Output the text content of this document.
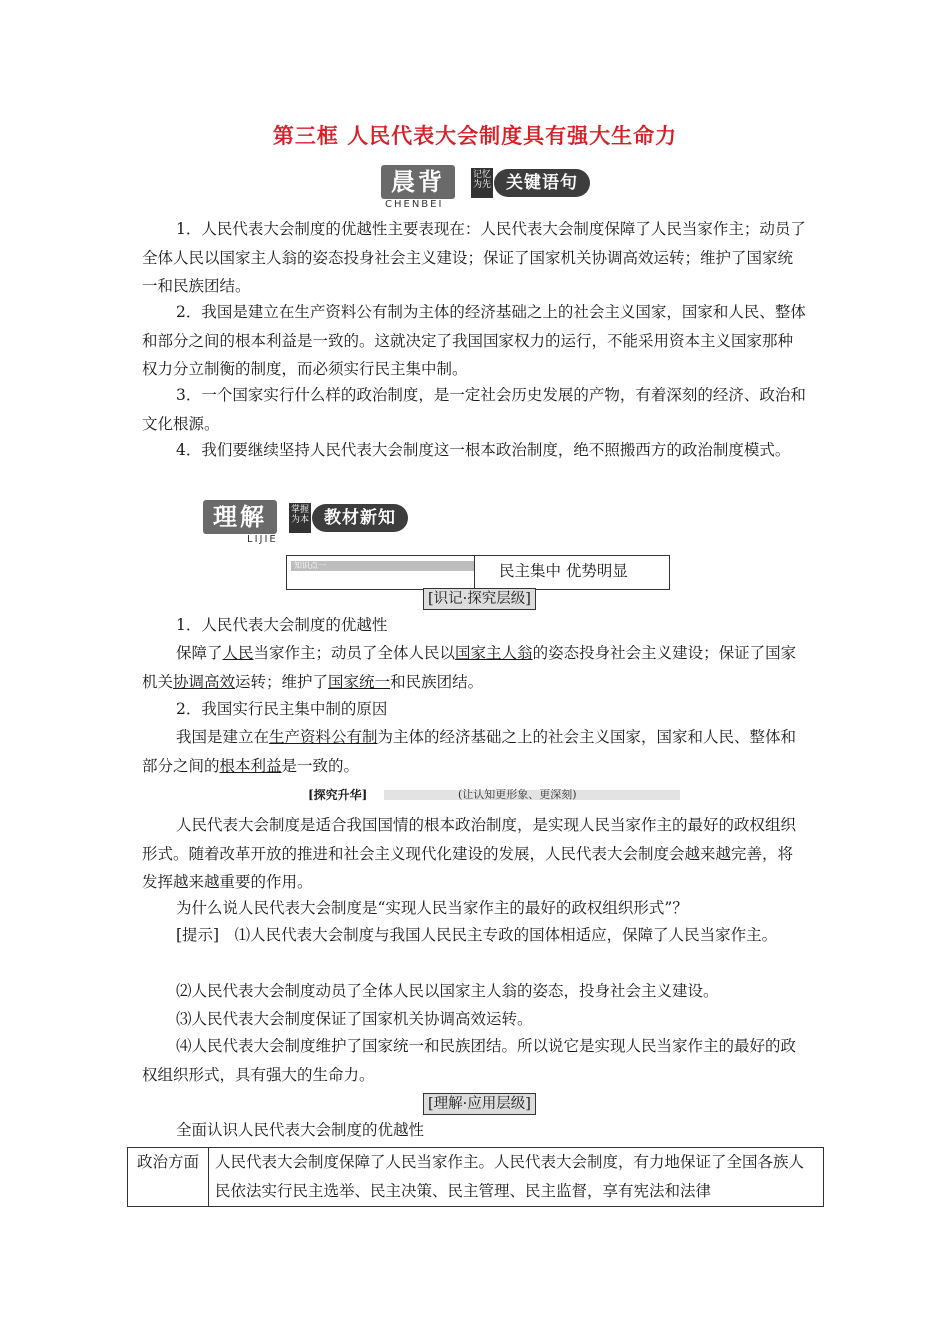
第三框 人民代表大会制度具有强大生命力
晨背
CHENBEI
记忆 为先 关键语句
1．人民代表大会制度的优越性主要表现在：人民代表大会制度保障了人民当家作主；动员了全体人民以国家主人翁的姿态投身社会主义建设；保证了国家机关协调高效运转；维护了国家统一和民族团结。
2．我国是建立在生产资料公有制为主体的经济基础之上的社会主义国家，国家和人民、整体和部分之间的根本利益是一致的。这就决定了我国国家权力的运行，不能采用资本主义国家那种权力分立制衡的制度，而必须实行民主集中制。
3．一个国家实行什么样的政治制度，是一定社会历史发展的产物，有着深刻的经济、政治和文化根源。
4．我们要继续坚持人民代表大会制度这一根本政治制度，绝不照搬西方的政治制度模式。
理解
LIJIE
掌握 为本 教材新知
知识点一	民主集中 优势明显
[识记·探究层级]
1．人民代表大会制度的优越性
保障了人民当家作主；动员了全体人民以国家主人翁的姿态投身社会主义建设；保证了国家机关协调高效运转；维护了国家统一和民族团结。
2．我国实行民主集中制的原因
我国是建立在生产资料公有制为主体的经济基础之上的社会主义国家，国家和人民、整体和部分之间的根本利益是一致的。
[探究升华]	(让认知更形象、更深刻)
人民代表大会制度是适合我国国情的根本政治制度，是实现人民当家作主的最好的政权组织形式。随着改革开放的推进和社会主义现代化建设的发展，人民代表大会制度会越来越完善，将发挥越来越重要的作用。
为什么说人民代表大会制度是“实现人民当家作主的最好的政权组织形式”？
[提示]　⑴人民代表大会制度与我国人民民主专政的国体相适应，保障了人民当家作主。
⑵人民代表大会制度动员了全体人民以国家主人翁的姿态，投身社会主义建设。
⑶人民代表大会制度保证了国家机关协调高效运转。
⑷人民代表大会制度维护了国家统一和民族团结。所以说它是实现人民当家作主的最好的政权组织形式，具有强大的生命力。
[理解·应用层级]
全面认识人民代表大会制度的优越性
政治方面	人民代表大会制度保障了人民当家作主。人民代表大会制度，有力地保证了全国各族人民依法实行民主选举、民主决策、民主管理、民主监督，享有宪法和法律
